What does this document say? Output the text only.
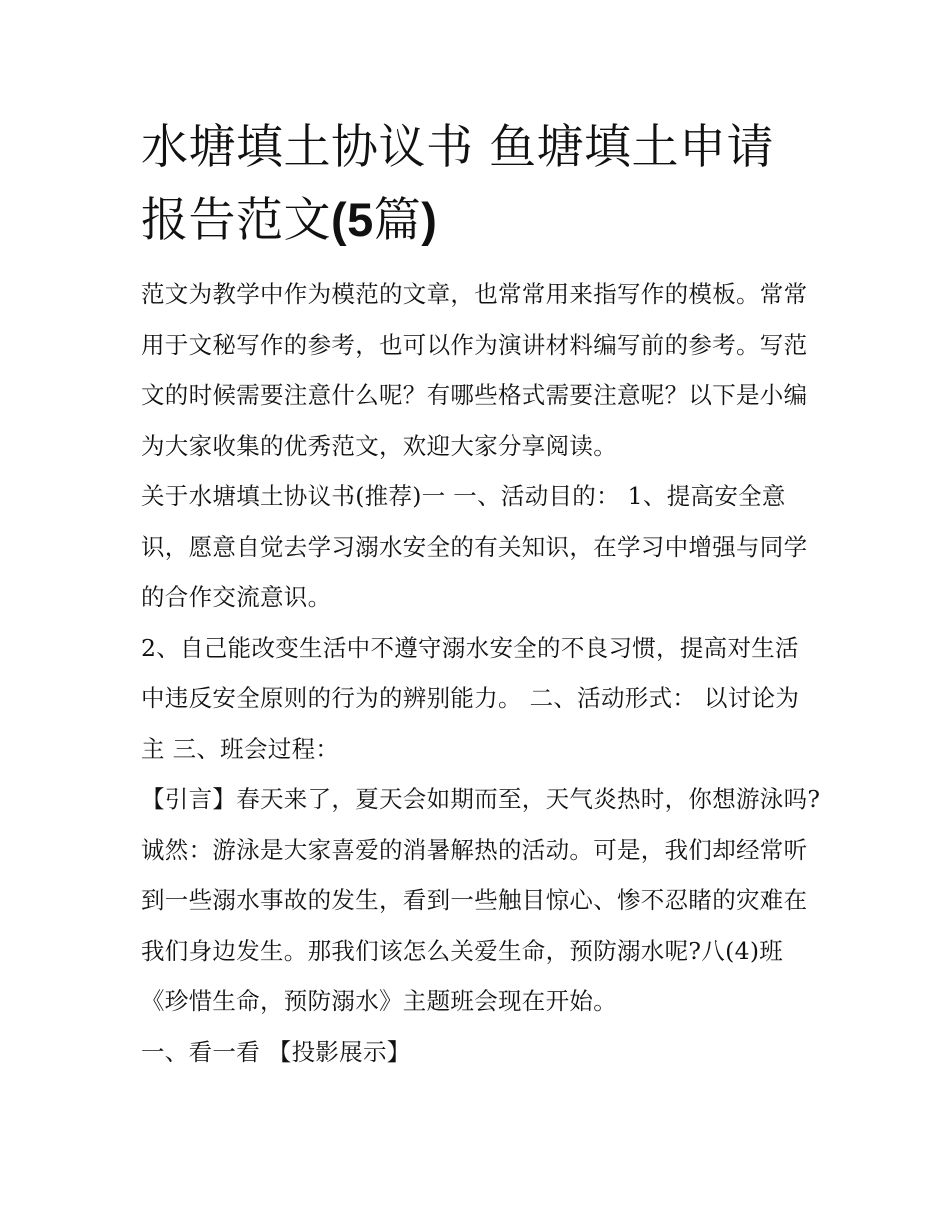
水塘填土协议书 鱼塘填土申请报告范文(5篇)

范文为教学中作为模范的文章，也常常用来指写作的模板。常常用于文秘写作的参考，也可以作为演讲材料编写前的参考。写范文的时候需要注意什么呢？有哪些格式需要注意呢？以下是小编为大家收集的优秀范文，欢迎大家分享阅读。

关于水塘填土协议书(推荐)一 一、活动目的： 1、提高安全意识，愿意自觉去学习溺水安全的有关知识，在学习中增强与同学的合作交流意识。

2、自己能改变生活中不遵守溺水安全的不良习惯，提高对生活中违反安全原则的行为的辨别能力。 二、活动形式： 以讨论为主 三、班会过程：

【引言】春天来了，夏天会如期而至，天气炎热时，你想游泳吗?诚然：游泳是大家喜爱的消暑解热的活动。可是，我们却经常听到一些溺水事故的发生，看到一些触目惊心、惨不忍睹的灾难在我们身边发生。那我们该怎么关爱生命，预防溺水呢?八(4)班《珍惜生命，预防溺水》主题班会现在开始。

一、看一看 【投影展示】
